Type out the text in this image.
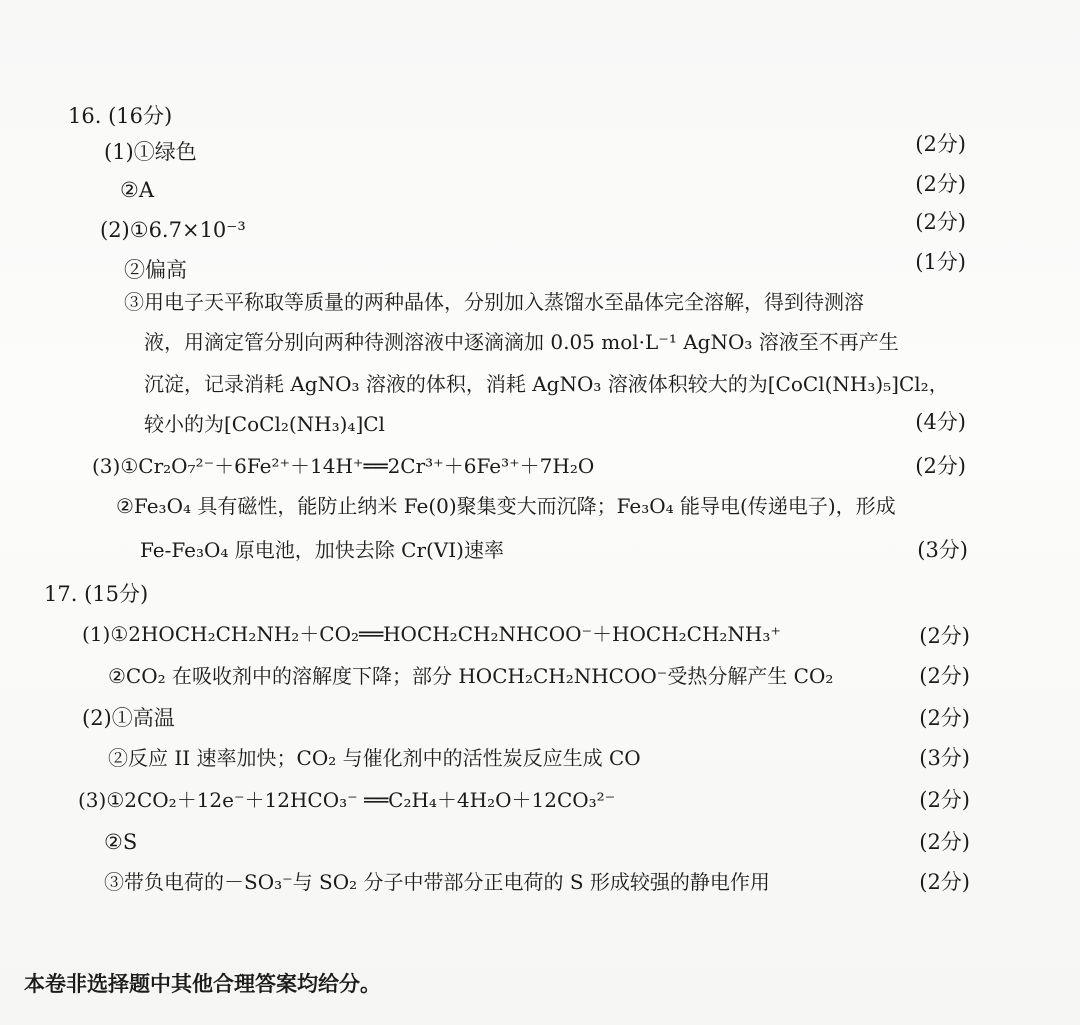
16. (16分)
(1)①绿色	(2分)
②A	(2分)
(2)①6.7×10⁻³	(2分)
②偏高	(1分)
③用电子天平称取等质量的两种晶体，分别加入蒸馏水至晶体完全溶解，得到待测溶
液，用滴定管分别向两种待测溶液中逐滴滴加 0.05 mol·L⁻¹ AgNO₃ 溶液至不再产生
沉淀，记录消耗 AgNO₃ 溶液的体积，消耗 AgNO₃ 溶液体积较大的为[CoCl(NH₃)₅]Cl₂，
较小的为[CoCl₂(NH₃)₄]Cl	(4分)
(3)①Cr₂O₇²⁻＋6Fe²⁺＋14H⁺══2Cr³⁺＋6Fe³⁺＋7H₂O	(2分)
②Fe₃O₄ 具有磁性，能防止纳米 Fe(0)聚集变大而沉降；Fe₃O₄ 能导电(传递电子)，形成
Fe-Fe₃O₄ 原电池，加快去除 Cr(VI)速率	(3分)
17. (15分)
(1)①2HOCH₂CH₂NH₂＋CO₂══HOCH₂CH₂NHCOO⁻＋HOCH₂CH₂NH₃⁺	(2分)
②CO₂ 在吸收剂中的溶解度下降；部分 HOCH₂CH₂NHCOO⁻受热分解产生 CO₂	(2分)
(2)①高温	(2分)
②反应 II 速率加快；CO₂ 与催化剂中的活性炭反应生成 CO	(3分)
(3)①2CO₂＋12e⁻＋12HCO₃⁻ ══C₂H₄＋4H₂O＋12CO₃²⁻	(2分)
②S	(2分)
③带负电荷的－SO₃⁻与 SO₂ 分子中带部分正电荷的 S 形成较强的静电作用	(2分)
本卷非选择题中其他合理答案均给分。
